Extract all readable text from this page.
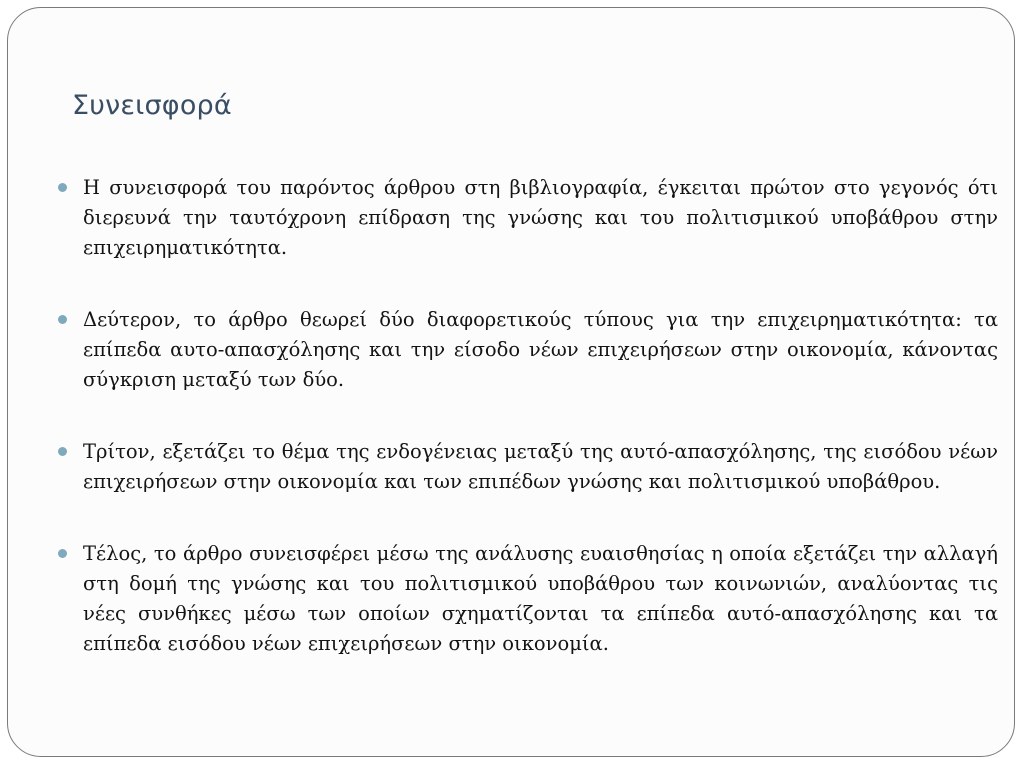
Συνεισφορά
Η συνεισφορά του παρόντος άρθρου στη βιβλιογραφία, έγκειται πρώτον στο γεγονός ότι διερευνά την ταυτόχρονη επίδραση της γνώσης και του πολιτισμικού υποβάθρου στην επιχειρηματικότητα.
Δεύτερον, το άρθρο θεωρεί δύο διαφορετικούς τύπους για την επιχειρηματικότητα: τα επίπεδα αυτο-απασχόλησης και την είσοδο νέων επιχειρήσεων στην οικονομία, κάνοντας σύγκριση μεταξύ των δύο.
Τρίτον, εξετάζει το θέμα της ενδογένειας μεταξύ της αυτό-απασχόλησης, της εισόδου νέων επιχειρήσεων στην οικονομία και των επιπέδων γνώσης και πολιτισμικού υποβάθρου.
Τέλος, το άρθρο συνεισφέρει μέσω της ανάλυσης ευαισθησίας η οποία εξετάζει την αλλαγή στη δομή της γνώσης και του πολιτισμικού υποβάθρου των κοινωνιών, αναλύοντας τις νέες συνθήκες μέσω των οποίων σχηματίζονται τα επίπεδα αυτό-απασχόλησης και τα επίπεδα εισόδου νέων επιχειρήσεων στην οικονομία.
